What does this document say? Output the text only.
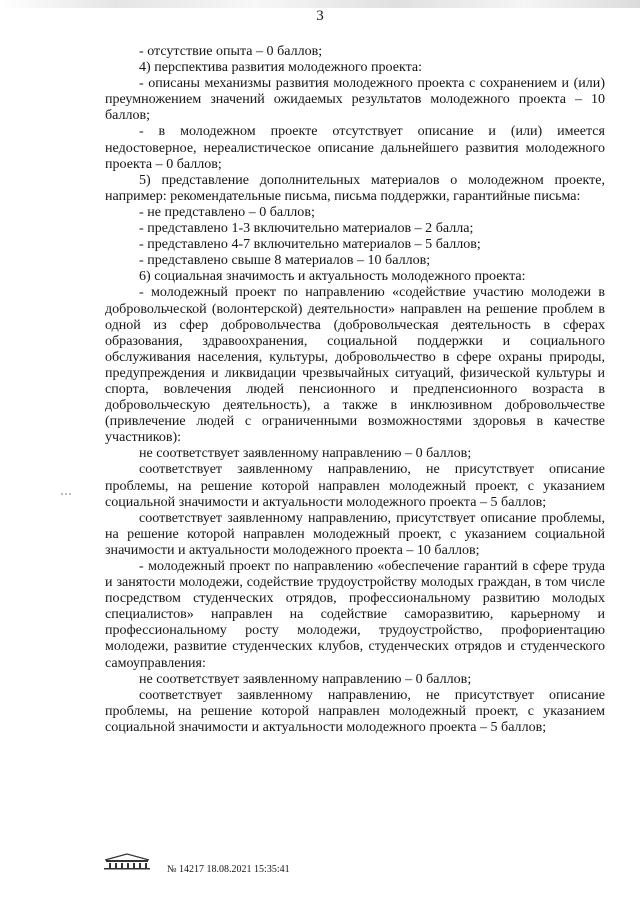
3

- отсутствие опыта – 0 баллов;

4) перспектива развития молодежного проекта:

- описаны механизмы развития молодежного проекта с сохранением и (или) преумножением значений ожидаемых результатов молодежного проекта – 10 баллов;

- в молодежном проекте отсутствует описание и (или) имеется недостоверное, нереалистическое описание дальнейшего развития молодежного проекта – 0 баллов;

5) представление дополнительных материалов о молодежном проекте, например: рекомендательные письма, письма поддержки, гарантийные письма:

- не представлено – 0 баллов;

- представлено 1-3 включительно материалов – 2 балла;

- представлено 4-7 включительно материалов – 5 баллов;

- представлено свыше 8 материалов – 10 баллов;

6) социальная значимость и актуальность молодежного проекта:

- молодежный проект по направлению «содействие участию молодежи в добровольческой (волонтерской) деятельности» направлен на решение проблем в одной из сфер добровольчества (добровольческая деятельность в сферах образования, здравоохранения, социальной поддержки и социального обслуживания населения, культуры, добровольчество в сфере охраны природы, предупреждения и ликвидации чрезвычайных ситуаций, физической культуры и спорта, вовлечения людей пенсионного и предпенсионного возраста в добровольческую деятельность), а также в инклюзивном добровольчестве (привлечение людей с ограниченными возможностями здоровья в качестве участников):

не соответствует заявленному направлению – 0 баллов;

соответствует заявленному направлению, не присутствует описание проблемы, на решение которой направлен молодежный проект, с указанием социальной значимости и актуальности молодежного проекта – 5 баллов;

соответствует заявленному направлению, присутствует описание проблемы, на решение которой направлен молодежный проект, с указанием социальной значимости и актуальности молодежного проекта – 10 баллов;

- молодежный проект по направлению «обеспечение гарантий в сфере труда и занятости молодежи, содействие трудоустройству молодых граждан, в том числе посредством студенческих отрядов, профессиональному развитию молодых специалистов» направлен на содействие саморазвитию, карьерному и профессиональному росту молодежи, трудоустройство, профориентацию молодежи, развитие студенческих клубов, студенческих отрядов и студенческого самоуправления:

не соответствует заявленному направлению – 0 баллов;

соответствует заявленному направлению, не присутствует описание проблемы, на решение которой направлен молодежный проект, с указанием социальной значимости и актуальности молодежного проекта – 5 баллов;

№ 14217 18.08.2021 15:35:41
